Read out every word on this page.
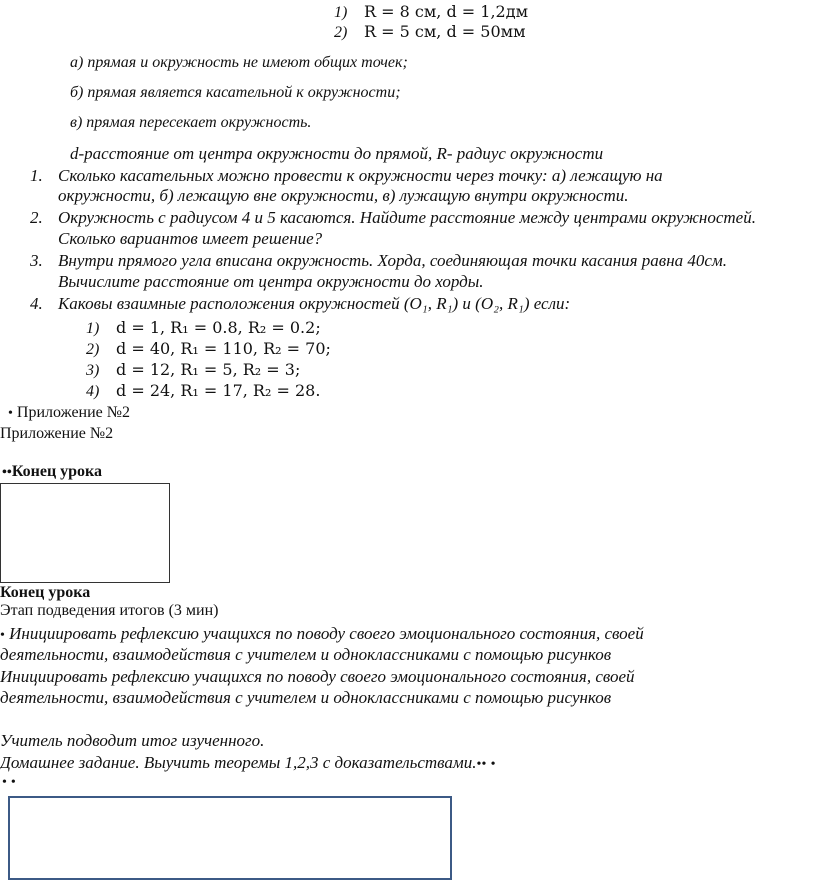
1) R = 8 см, d = 1,2дм
2) R = 5 см, d = 50мм
а) прямая и окружность не имеют общих точек;
б) прямая является касательной к окружности;
в) прямая пересекает окружность.
d-расстояние от центра окружности до прямой, R- радиус окружности
1. Сколько касательных можно провести к окружности через точку: а) лежащую на
окружности, б) лежащую вне окружности, в) лужащую внутри окружности.
2. Окружность с радиусом 4 и 5 касаются. Найдите расстояние между центрами окружностей.
Сколько вариантов имеет решение?
3. Внутри прямого угла вписана окружность. Хорда, соединяющая точки касания равна 40см.
Вычислите расстояние от центра окружности до хорды.
4. Каковы взаимные расположения окружностей (O₁, R₁) и (O₂, R₁) если:
1) d = 1, R₁ = 0.8, R₂ = 0.2;
2) d = 40, R₁ = 110, R₂ = 70;
3) d = 12, R₁ = 5, R₂ = 3;
4) d = 24, R₁ = 17, R₂ = 28.
• Приложение №2
Приложение №2
••Конец урока
Конец урока
Этап подведения итогов (3 мин)
• Инициировать рефлексию учащихся по поводу своего эмоционального состояния, своей
деятельности, взаимодействия с учителем и одноклассниками с помощью рисунков
Инициировать рефлексию учащихся по поводу своего эмоционального состояния, своей
деятельности, взаимодействия с учителем и одноклассниками с помощью рисунков
Учитель подводит итог изученного.
Домашнее задание. Выучить теоремы 1,2,3 с доказательствами.•• •
• •
